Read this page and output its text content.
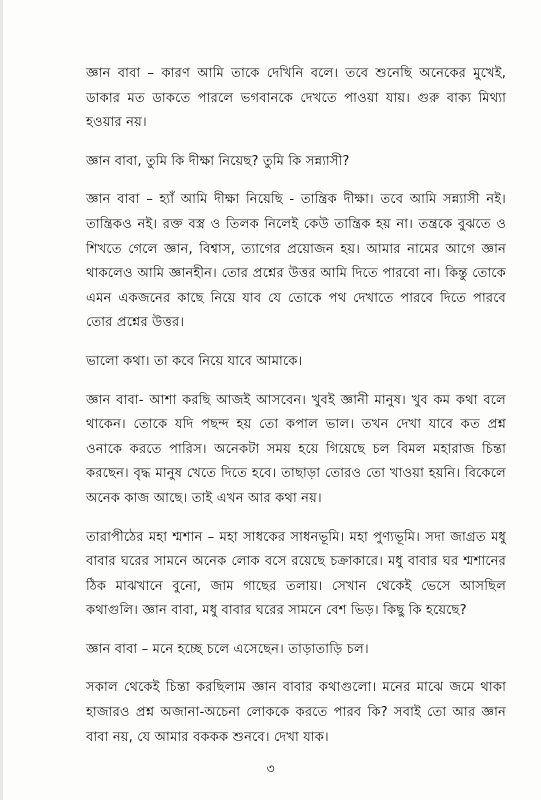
জ্ঞান বাবা – কারণ আমি তাকে দেখিনি বলে। তবে শুনেছি অনেকের মুখেই, ডাকার মত ডাকতে পারলে ভগবানকে দেখতে পাওয়া যায়। গুরু বাক্য মিথ্যা হওয়ার নয়।

জ্ঞান বাবা, তুমি কি দীক্ষা নিয়েছ? তুমি কি সন্ন্যাসী?

জ্ঞান বাবা – হ্যাঁ আমি দীক্ষা নিয়েছি - তান্ত্রিক দীক্ষা। তবে আমি সন্ন্যাসী নই। তান্ত্রিকও নই। রক্ত বস্ত্র ও তিলক নিলেই কেউ তান্ত্রিক হয় না। তন্ত্রকে বুঝতে ও শিখতে গেলে জ্ঞান, বিশ্বাস, ত্যাগের প্রয়োজন হয়। আমার নামের আগে জ্ঞান থাকলেও আমি জ্ঞানহীন। তোর প্রশ্নের উত্তর আমি দিতে পারবো না। কিন্তু তোকে এমন একজনের কাছে নিয়ে যাব যে তোকে পথ দেখাতে পারবে দিতে পারবে তোর প্রশ্নের উত্তর।

ভালো কথা। তা কবে নিয়ে যাবে আমাকে।

জ্ঞান বাবা- আশা করছি আজই আসবেন। খুবই জ্ঞানী মানুষ। খুব কম কথা বলে থাকেন। তোকে যদি পছন্দ হয় তো কপাল ভাল। তখন দেখা যাবে কত প্রশ্ন ওনাকে করতে পারিস। অনেকটা সময় হয়ে গিয়েছে চল বিমল মহারাজ চিন্তা করছেন। বৃদ্ধ মানুষ খেতে দিতে হবে। তাছাড়া তোরও তো খাওয়া হয়নি। বিকেলে অনেক কাজ আছে। তাই এখন আর কথা নয়।

তারাপীঠের মহা শ্মশান – মহা সাধকের সাধনভূমি। মহা পুণ্যভূমি। সদা জাগ্রত মধু বাবার ঘরের সামনে অনেক লোক বসে রয়েছে চক্রাকারে। মধু বাবার ঘর শ্মশানের ঠিক মাঝখানে বুনো, জাম গাছের তলায়। সেখান থেকেই ভেসে আসছিল কথাগুলি। জ্ঞান বাবা, মধু বাবার ঘরের সামনে বেশ ভিড়। কিছু কি হয়েছে?

জ্ঞান বাবা – মনে হচ্ছে চলে এসেছেন। তাড়াতাড়ি চল।

সকাল থেকেই চিন্তা করছিলাম জ্ঞান বাবার কথাগুলো। মনের মাঝে জমে থাকা হাজারও প্রশ্ন অজানা-অচেনা লোককে করতে পারব কি? সবাই তো আর জ্ঞান বাবা নয়, যে আমার বককক শুনবে। দেখা যাক।

৩
